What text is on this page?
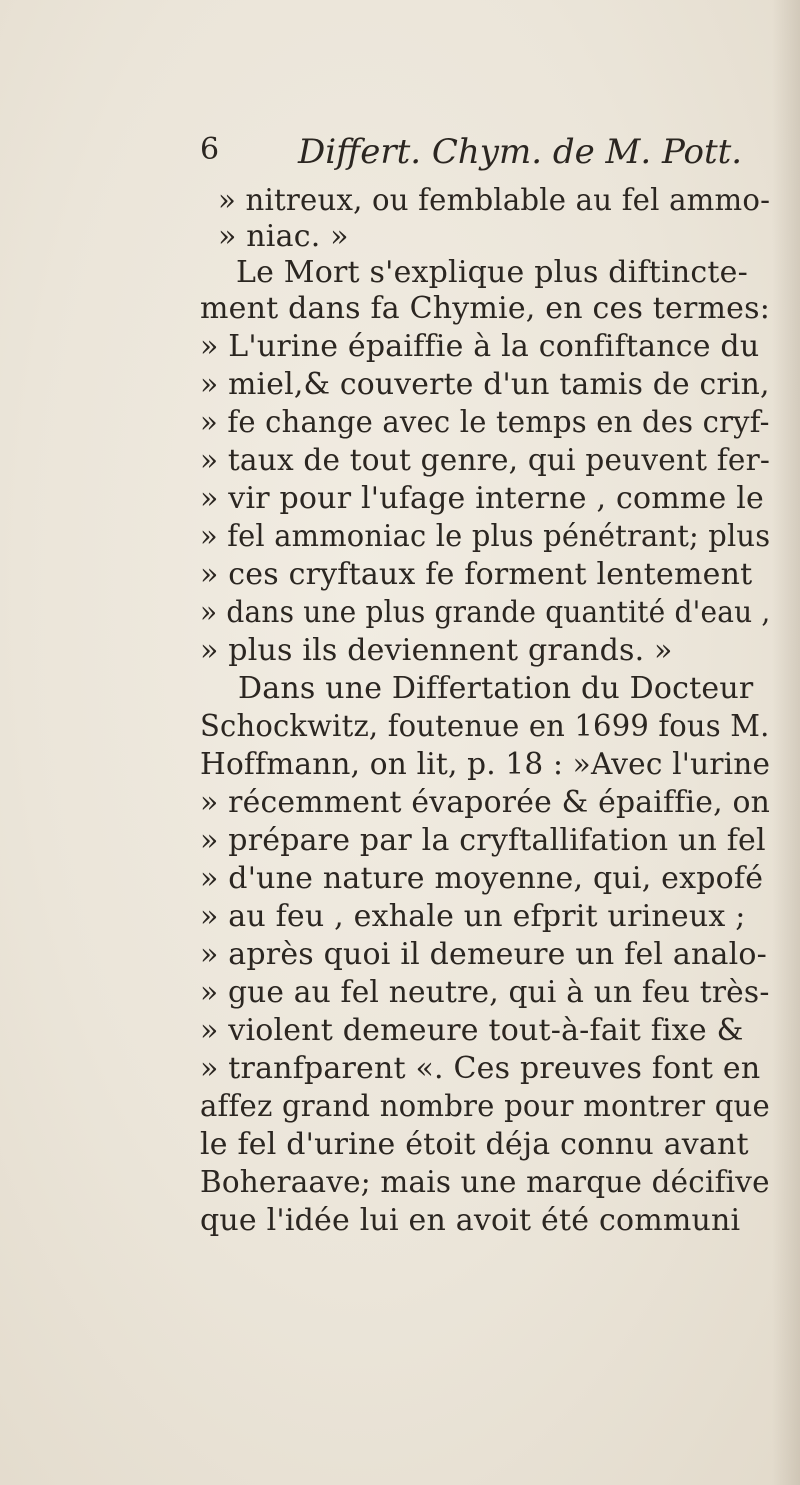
6 Differt. Chym. de M. Pott.
» nitreux, ou femblable au fel ammo-
» niac. »
Le Mort s'explique plus diftinctе-
ment dans fa Chymie, en ces termes:
» L'urine épaiffie à la confiftance du
» miel,& couverte d'un tamis de crin,
» fe change avec le temps en des cryf-
» taux de tout genre, qui peuvent fer-
» vir pour l'ufage interne , comme le
» fel ammoniac le plus pénétrant; plus
» ces cryftaux fe forment lentement
» dans une plus grande quantité d'eau ,
» plus ils deviennent grands. »
Dans une Differtation du Docteur
Schockwitz, foutenue en 1699 fous M.
Hoffmann, on lit, p. 18 : »Avec l'urine
» récemment évaporée & épaiffie, on
» prépare par la cryftallifation un fel
» d'une nature moyenne, qui, expofé
» au feu , exhale un efprit urineux ;
» après quoi il demeure un fel analo-
» gue au fel neutre, qui à un feu très-
» violent demeure tout-à-fait fixe &
» tranfparent «. Ces preuves font en
affez grand nombre pour montrer que
le fel d'urine étoit déja connu avant
Boheraave; mais une marque décifive
que l'idée lui en avoit été communi
